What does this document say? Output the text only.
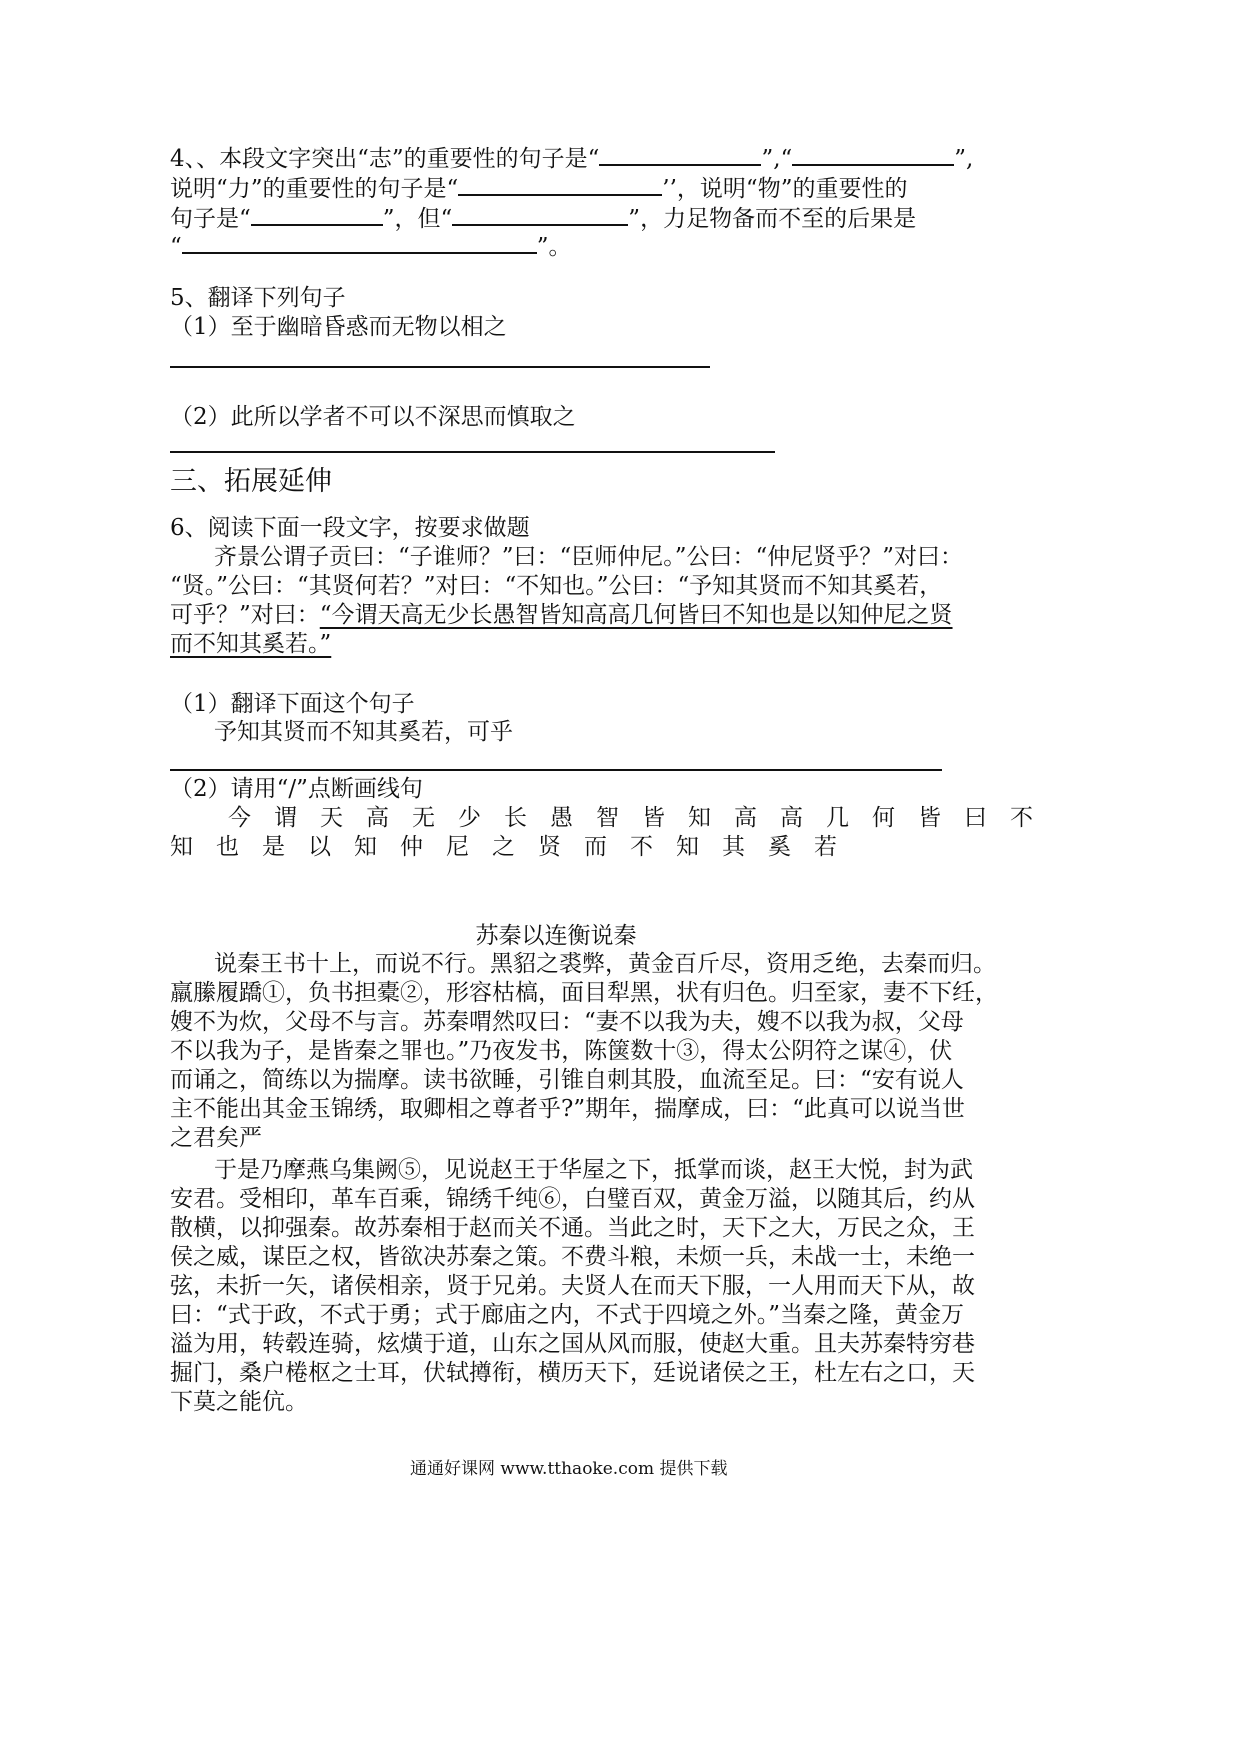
4、、本段文字突出“志”的重要性的句子是“	”,“	”,
说明“力”的重要性的句子是“	’’，说明“物”的重要性的
句子是“	”，但“	”，力足物备而不至的后果是
“	”。
5、翻译下列句子
（1）至于幽暗昏惑而无物以相之
（2）此所以学者不可以不深思而慎取之
三、拓展延伸
6、阅读下面一段文字，按要求做题
齐景公谓子贡曰：“子谁师？”曰：“臣师仲尼。”公曰：“仲尼贤乎？”对曰：
“贤。”公曰：“其贤何若？”对曰：“不知也。”公曰：“予知其贤而不知其奚若，
可乎？”对曰：“今谓天高无少长愚智皆知高高几何皆曰不知也是以知仲尼之贤
而不知其奚若。”
（1）翻译下面这个句子
予知其贤而不知其奚若，可乎
（2）请用“/”点断画线句
今谓天高无少长愚智皆知高高几何皆曰不
知也是以知仲尼之贤而不知其奚若
苏秦以连衡说秦
说秦王书十上，而说不行。黑貂之裘弊，黄金百斤尽，资用乏绝，去秦而归。
羸縢履蹻①，负书担橐②，形容枯槁，面目犁黑，状有归色。归至家，妻不下纴，
嫂不为炊，父母不与言。苏秦喟然叹曰：“妻不以我为夫，嫂不以我为叔，父母
不以我为子，是皆秦之罪也。”乃夜发书，陈箧数十③，得太公阴符之谋④，伏
而诵之，简练以为揣摩。读书欲睡，引锥自刺其股，血流至足。曰：“安有说人
主不能出其金玉锦绣，取卿相之尊者乎?”期年，揣摩成，曰：“此真可以说当世
之君矣严
于是乃摩燕乌集阙⑤，见说赵王于华屋之下，抵掌而谈，赵王大悦，封为武
安君。受相印，革车百乘，锦绣千纯⑥，白璧百双，黄金万溢，以随其后，约从
散横，以抑强秦。故苏秦相于赵而关不通。当此之时，天下之大，万民之众，王
侯之威，谋臣之权，皆欲决苏秦之策。不费斗粮，未烦一兵，未战一士，未绝一
弦，未折一矢，诸侯相亲，贤于兄弟。夫贤人在而天下服，一人用而天下从，故
曰：“式于政，不式于勇；式于廊庙之内，不式于四境之外。”当秦之隆，黄金万
溢为用，转毂连骑，炫熿于道，山东之国从风而服，使赵大重。且夫苏秦特穷巷
掘门，桑户棬枢之士耳，伏轼撙衔，横历天下，廷说诸侯之王，杜左右之口，天
下莫之能伉。
通通好课网 www.tthaoke.com 提供下载
